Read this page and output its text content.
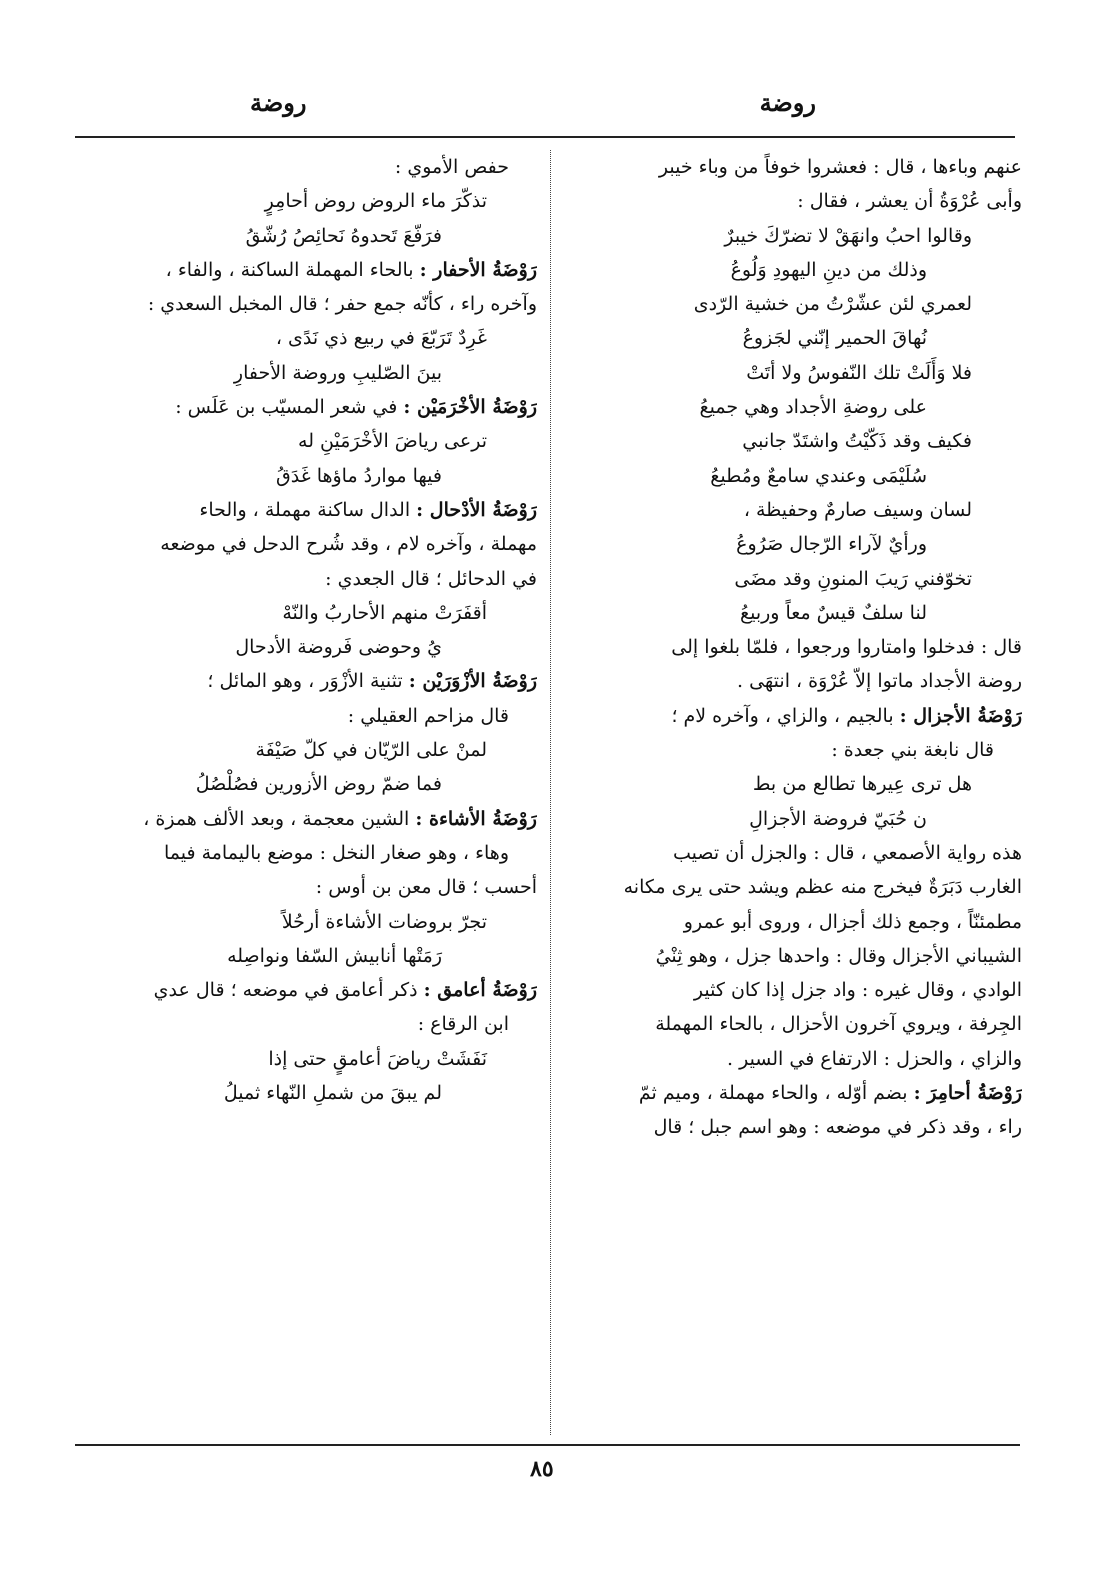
روضة
روضة
عنهم وباءها ، قال : فعشروا خوفاً من وباء خيبر
وأبى عُرْوَةُ أن يعشر ، فقال :
وقالوا احبُ وانهَقْ لا تضرّكَ خيبرٌ
وذلك من دينِ اليهودِ وَلُوعُ
لعمري لئن عشّرْتُ من خشية الرّدى
نُهاقَ الحمير إنّني لجَزوعُ
فلا وَأَلَتْ تلك النّفوسُ ولا أتَتْ
على روضةِ الأجداد وهي جميعُ
فكيف وقد ذَكّيْتُ واشتَدّ جانبي
سُلَيْمَى وعندي سامعٌ ومُطيعُ
لسان وسيف صارمٌ وحفيظة ،
ورأيٌ لآراء الرّجال صَرُوعُ
تخوّفني رَيبَ المنونِ وقد مضَى
لنا سلفٌ قيسٌ معاً وربيعُ
قال : فدخلوا وامتاروا ورجعوا ، فلمّا بلغوا إلى
روضة الأجداد ماتوا إلاّ عُرْوَة ، انتهَى .
رَوْضَةُ الأجزال : بالجيم ، والزاي ، وآخره لام ؛
قال نابغة بني جعدة :
هل ترى عِيرها تطالع من بط
ن حُبَيّ فروضة الأجزالِ
هذه رواية الأصمعي ، قال : والجزل أن تصيب
الغارب دَبَرَةٌ فيخرج منه عظم ويشد حتى يرى مكانه
مطمئنّاً ، وجمع ذلك أجزال ، وروى أبو عمرو
الشيباني الأجزال وقال : واحدها جزل ، وهو ثِنْيُ
الوادي ، وقال غيره : واد جزل إذا كان كثير
الجِرفة ، ويروي آخرون الأحزال ، بالحاء المهملة
والزاي ، والحزل : الارتفاع في السير .
رَوْضَةُ أحامِرَ : بضم أوّله ، والحاء مهملة ، وميم ثمّ
راء ، وقد ذكر في موضعه : وهو اسم جبل ؛ قال
حفص الأموي :
تذكّرَ ماء الروض روض أحامِرٍ
فرَفّعَ تَحدوهُ نَحائِصُ رُشّقُ
رَوْضَةُ الأحفار : بالحاء المهملة الساكنة ، والفاء ،
وآخره راء ، كأنّه جمع حفر ؛ قال المخبل السعدي :
غَرِدٌ تَرَبّعَ في ربيع ذي نَدًى ،
بينَ الصّليبِ وروضة الأحفارِ
رَوْضَةُ الأخْرَمَيْن : في شعر المسيّب بن عَلَس :
ترعى رياضَ الأخْرَمَيْنِ له
فيها مواردُ ماؤها غَدَقُ
رَوْضَةُ الأدْحال : الدال ساكنة مهملة ، والحاء
مهملة ، وآخره لام ، وقد شُرح الدحل في موضعه
في الدحائل ؛ قال الجعدي :
أقفَرَتْ منهم الأحاربُ والنّهْ
يُ وحوضى فَروضة الأدحال
رَوْضَةُ الأزْوَرَيْن : تثنية الأزْوَر ، وهو المائل ؛
قال مزاحم العقيلي :
لمنْ على الرّيّان في كلّ صَيْفَة
فما ضمّ روض الأزورين فصُلْصُلُ
رَوْضَةُ الأشاءة : الشين معجمة ، وبعد الألف همزة ،
وهاء ، وهو صغار النخل : موضع باليمامة فيما
أحسب ؛ قال معن بن أوس :
تجرّ بروضات الأشاءة أرحُلاً
رَمَتْها أنابيش السّفا ونواصِله
رَوْضَةُ أعامق : ذكر أعامق في موضعه ؛ قال عدي
ابن الرقاع :
نَفَشَتْ رياضَ أعامقٍ حتى إذا
لم يبقَ من شملِ النّهاء ثميلُ
٨٥
